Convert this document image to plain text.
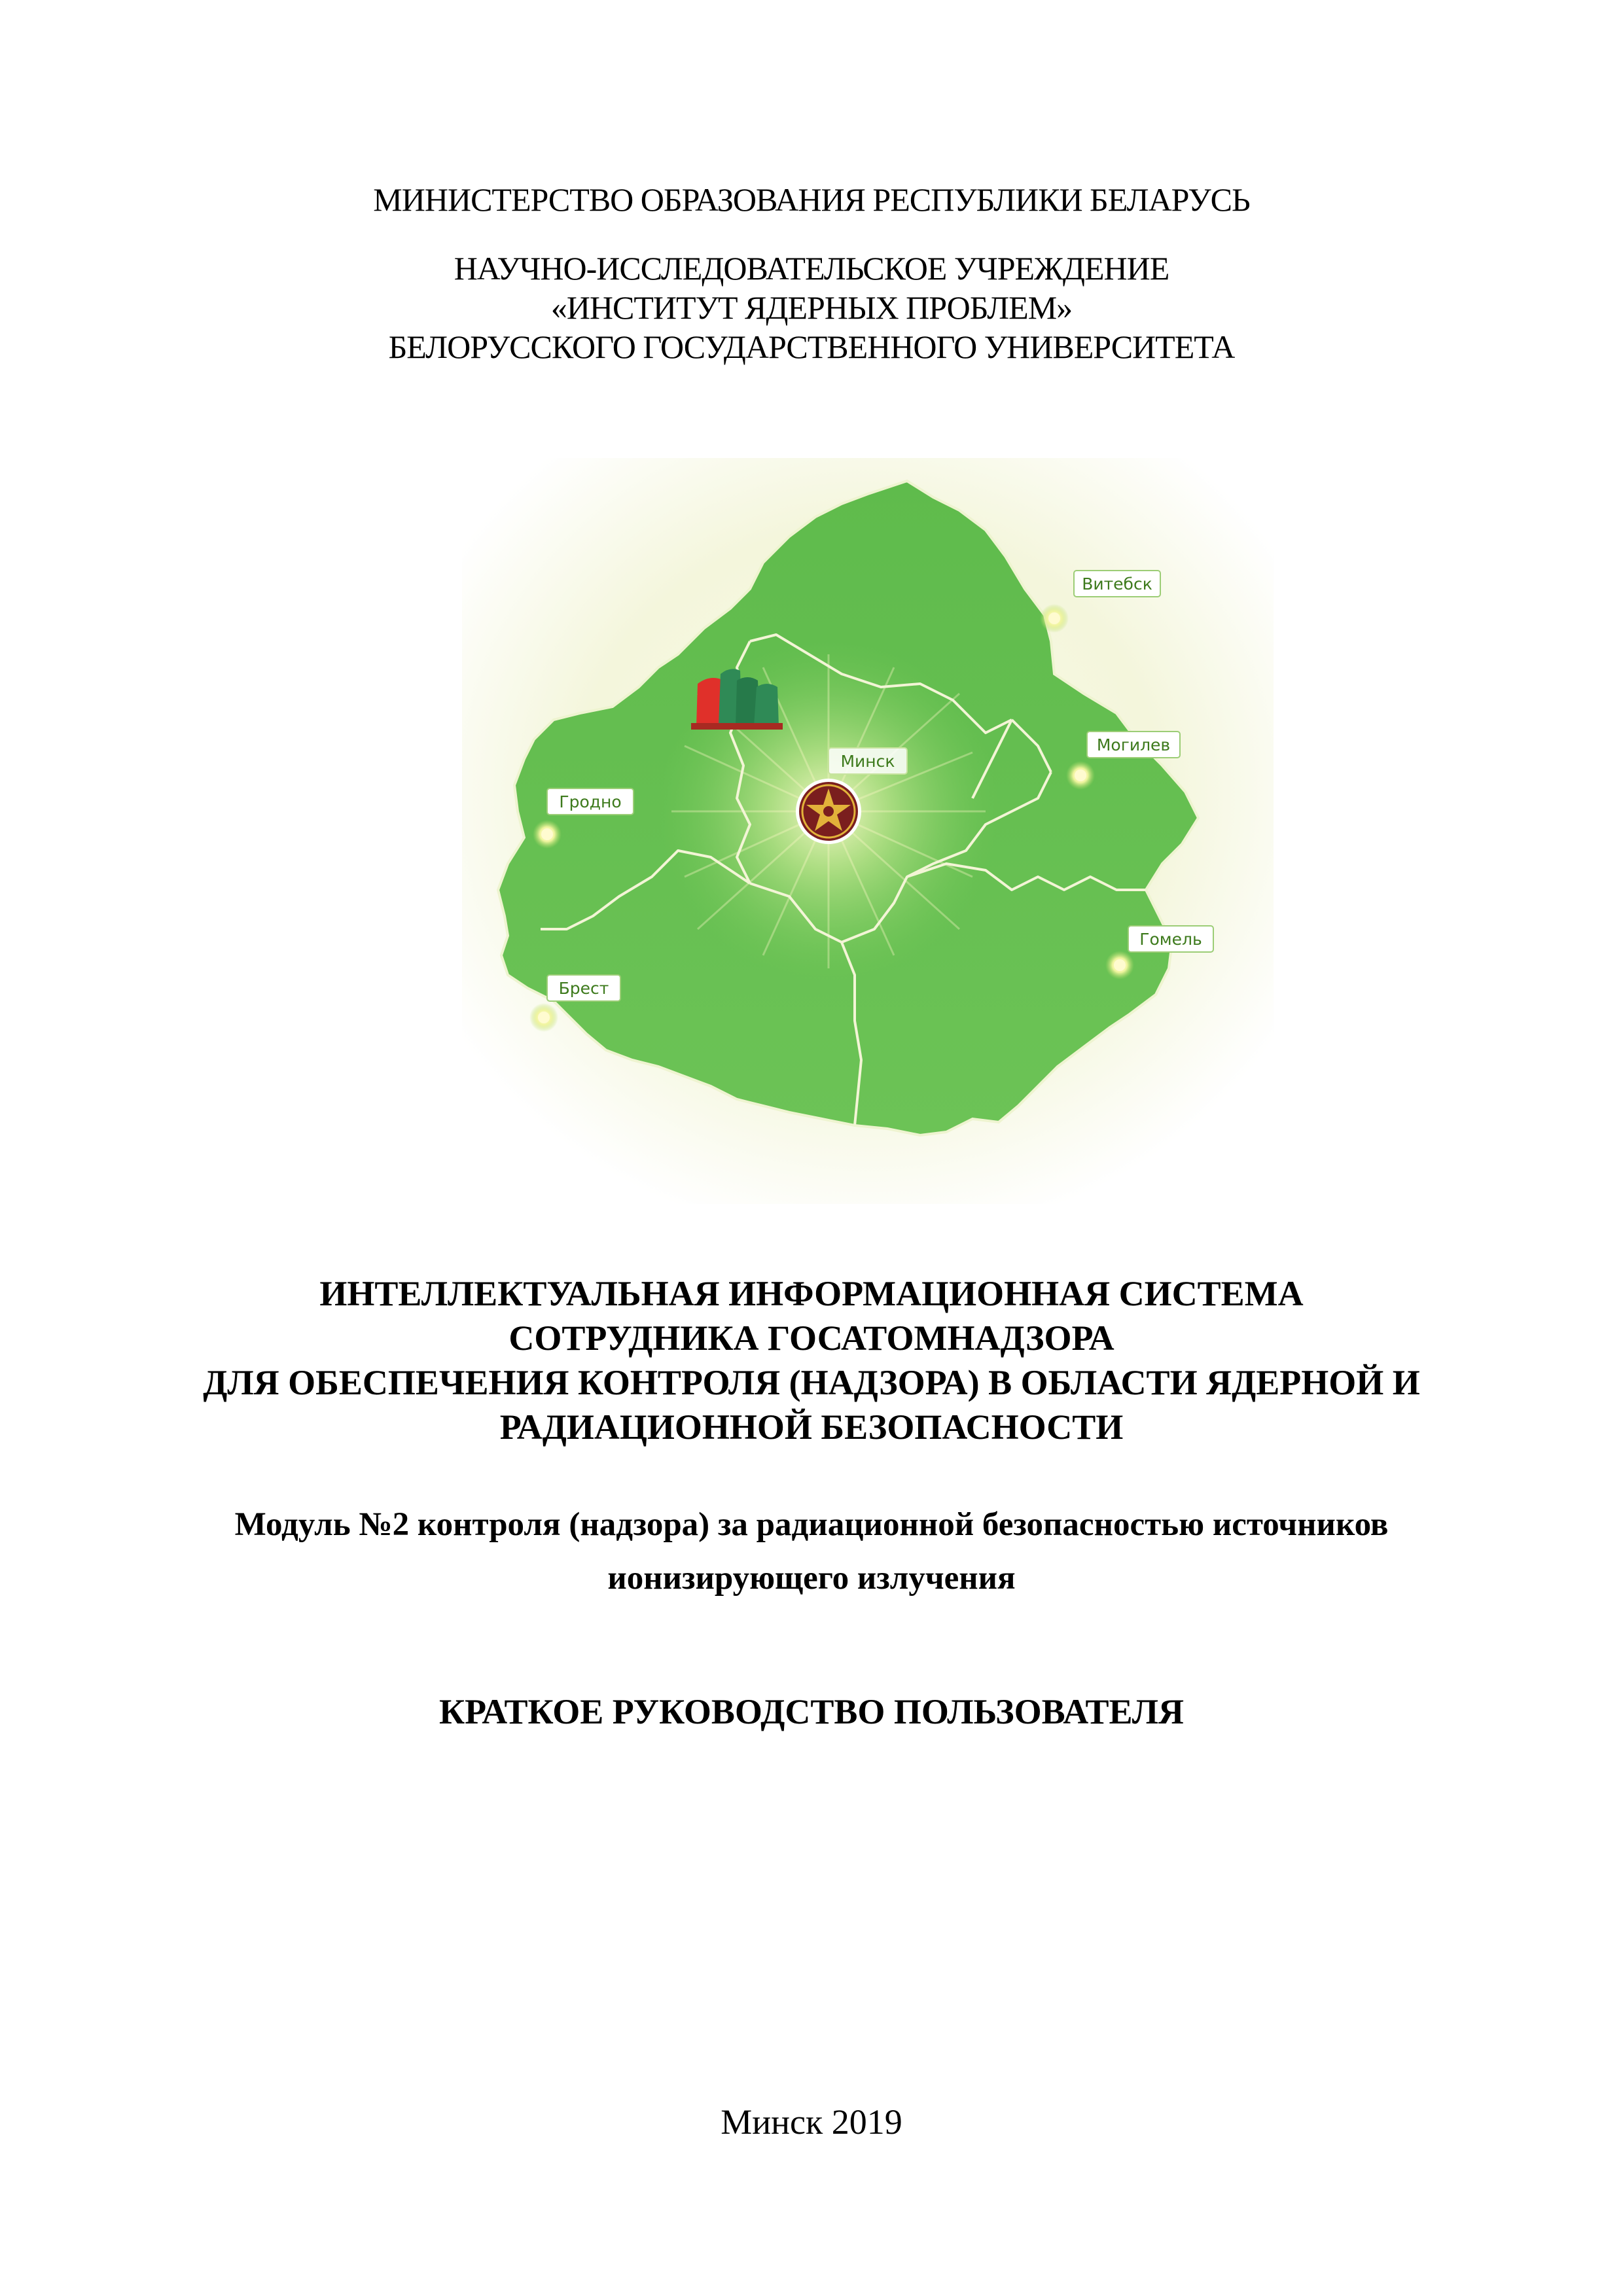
МИНИСТЕРСТВО ОБРАЗОВАНИЯ РЕСПУБЛИКИ БЕЛАРУСЬ
НАУЧНО-ИССЛЕДОВАТЕЛЬСКОЕ УЧРЕЖДЕНИЕ
«ИНСТИТУТ ЯДЕРНЫХ ПРОБЛЕМ»
БЕЛОРУССКОГО ГОСУДАРСТВЕННОГО УНИВЕРСИТЕТА
Витебск
Могилев
Минск
Гродно
Гомель
Брест
ИНТЕЛЛЕКТУАЛЬНАЯ ИНФОРМАЦИОННАЯ СИСТЕМА
СОТРУДНИКА ГОСАТОМНАДЗОРА
ДЛЯ ОБЕСПЕЧЕНИЯ КОНТРОЛЯ (НАДЗОРА) В ОБЛАСТИ ЯДЕРНОЙ И
РАДИАЦИОННОЙ БЕЗОПАСНОСТИ
Модуль №2 контроля (надзора) за радиационной безопасностью источников
ионизирующего излучения
КРАТКОЕ РУКОВОДСТВО ПОЛЬЗОВАТЕЛЯ
Минск 2019
